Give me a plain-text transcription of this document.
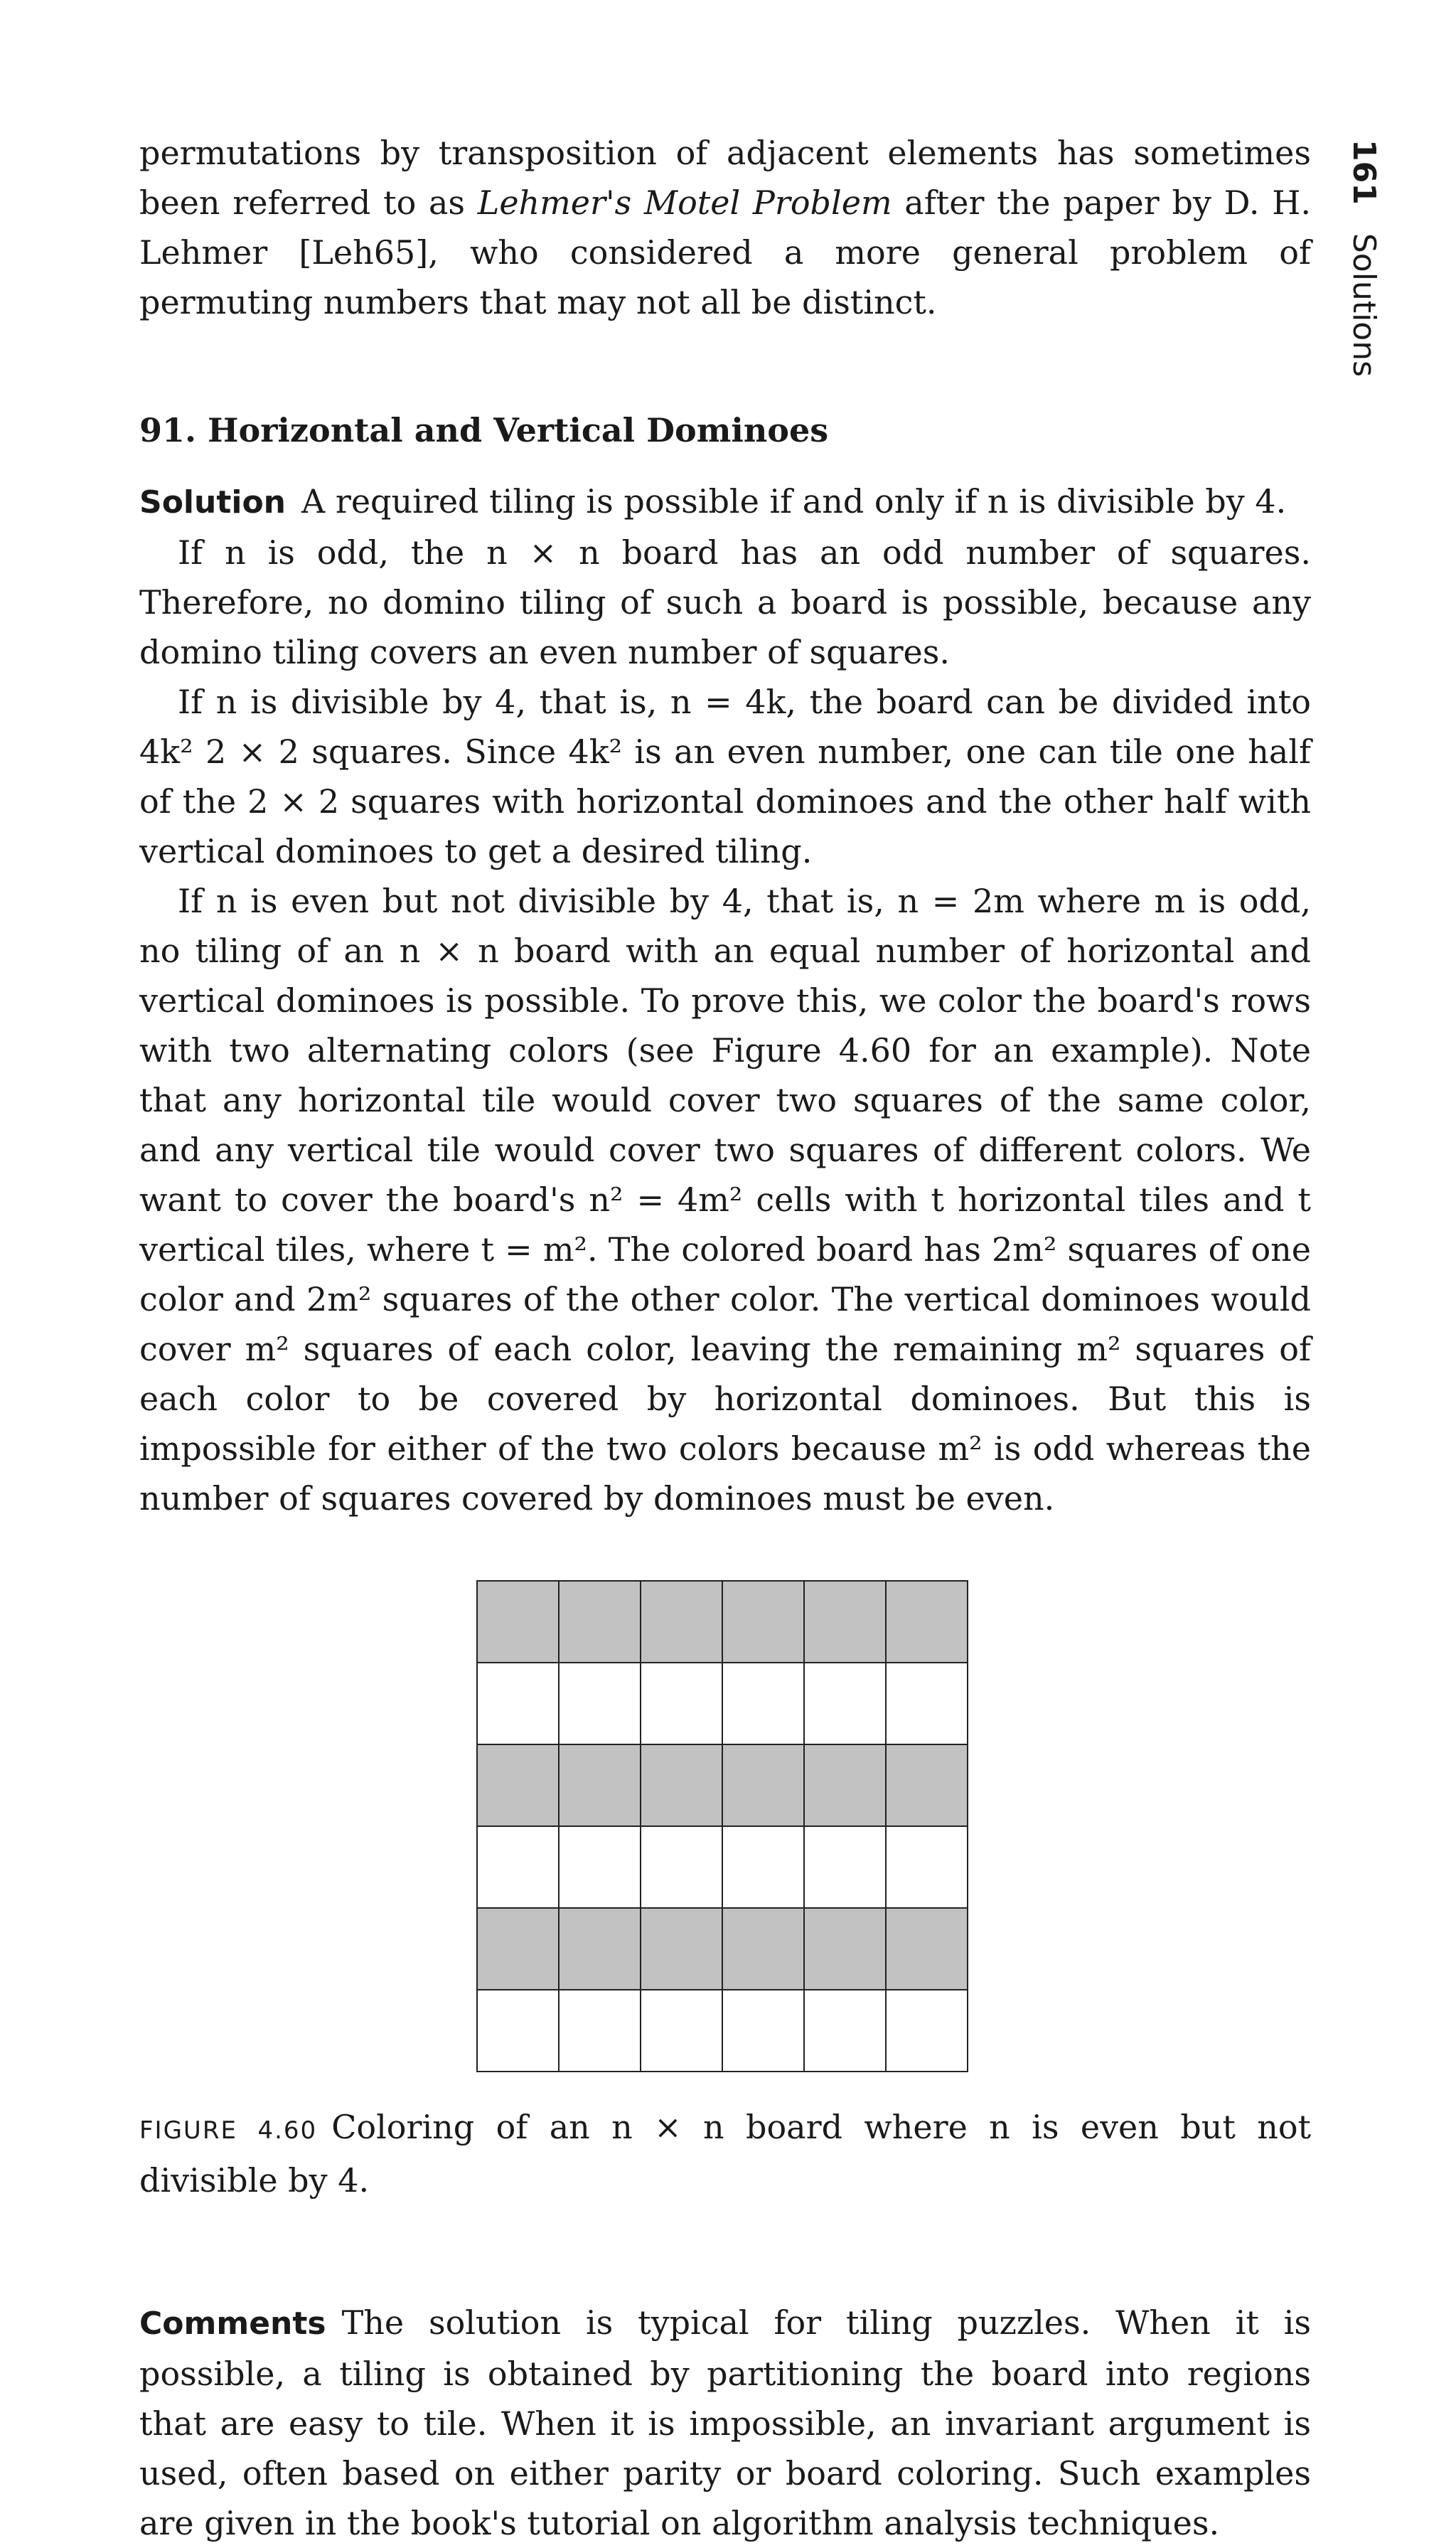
161 Solutions

permutations by transposition of adjacent elements has sometimes been referred to as Lehmer's Motel Problem after the paper by D. H. Lehmer [Leh65], who considered a more general problem of permuting numbers that may not all be distinct.

91. Horizontal and Vertical Dominoes

Solution A required tiling is possible if and only if n is divisible by 4.

If n is odd, the n × n board has an odd number of squares. Therefore, no domino tiling of such a board is possible, because any domino tiling covers an even number of squares.

If n is divisible by 4, that is, n = 4k, the board can be divided into 4k² 2 × 2 squares. Since 4k² is an even number, one can tile one half of the 2 × 2 squares with horizontal dominoes and the other half with vertical dominoes to get a desired tiling.

If n is even but not divisible by 4, that is, n = 2m where m is odd, no tiling of an n × n board with an equal number of horizontal and vertical dominoes is possible. To prove this, we color the board's rows with two alternating colors (see Figure 4.60 for an example). Note that any horizontal tile would cover two squares of the same color, and any vertical tile would cover two squares of different colors. We want to cover the board's n² = 4m² cells with t horizontal tiles and t vertical tiles, where t = m². The colored board has 2m² squares of one color and 2m² squares of the other color. The vertical dominoes would cover m² squares of each color, leaving the remaining m² squares of each color to be covered by horizontal dominoes. But this is impossible for either of the two colors because m² is odd whereas the number of squares covered by dominoes must be even.

FIGURE 4.60 Coloring of an n × n board where n is even but not divisible by 4.

Comments The solution is typical for tiling puzzles. When it is possible, a tiling is obtained by partitioning the board into regions that are easy to tile. When it is impossible, an invariant argument is used, often based on either parity or board coloring. Such examples are given in the book's tutorial on algorithm analysis techniques.
